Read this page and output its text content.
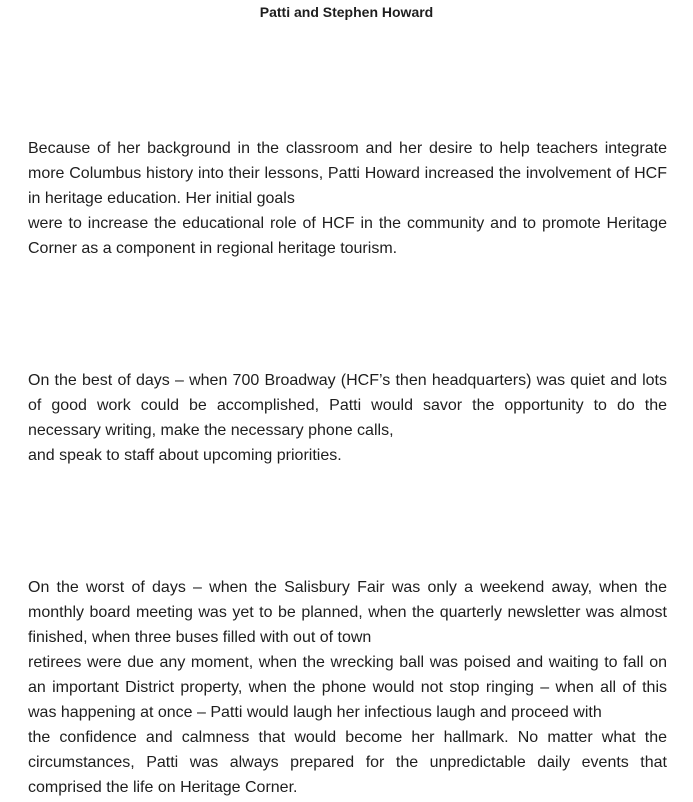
Patti and Stephen Howard
Because of her background in the classroom and her desire to help teachers integrate
more Columbus history into their lessons, Patti Howard increased the involvement of HCF
in heritage education. Her initial goals
were to increase the educational role of HCF in the community and to promote Heritage
Corner as a component in regional heritage tourism.
On the best of days – when 700 Broadway (HCF’s then headquarters) was quiet and lots
of good work could be accomplished, Patti would savor the opportunity to do the
necessary writing, make the necessary phone calls,
and speak to staff about upcoming priorities.
On the worst of days – when the Salisbury Fair was only a weekend away, when the
monthly board meeting was yet to be planned, when the quarterly newsletter was almost
finished, when three buses filled with out of town
retirees were due any moment, when the wrecking ball was poised and waiting to fall on
an important District property, when the phone would not stop ringing – when all of this
was happening at once – Patti would laugh her infectious laugh and proceed with
the confidence and calmness that would become her hallmark. No matter what the
circumstances, Patti was always prepared for the unpredictable daily events that
comprised the life on Heritage Corner.
